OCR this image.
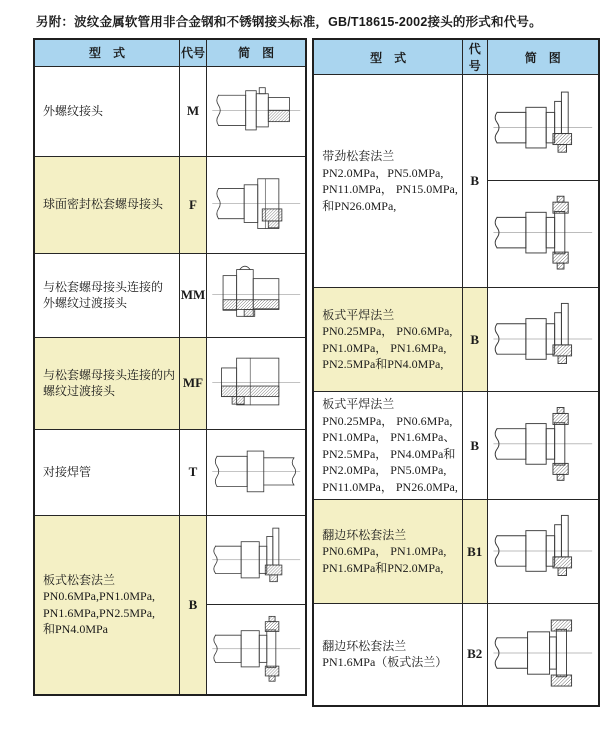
另附：波纹金属软管用非合金钢和不锈钢接头标准，GB/T18615-2002接头的形式和代号。
型　式	代号	简　图

外螺纹接头	M	

球面密封松套螺母接头	F	

与松套螺母接头连接的
外螺纹过渡接头	MM	

与松套螺母接头连接的内
螺纹过渡接头	MF	

对接焊管	T	

板式松套法兰
PN0.6MPa,PN1.0MPa,
PN1.6MPa,PN2.5MPa,
和PN4.0MPa	B	
型　式	代号	简　图

带劲松套法兰
PN2.0MPa，PN5.0MPa,
PN11.0MPa， PN15.0MPa,
和PN26.0MPa,	B	

板式平焊法兰
PN0.25MPa， PN0.6MPa,
PN1.0MPa， PN1.6MPa,
PN2.5MPa和PN4.0MPa,	B	

板式平焊法兰
PN0.25MPa， PN0.6MPa,
PN1.0MPa， PN1.6MPa、
PN2.5MPa， PN4.0MPa和
PN2.0MPa， PN5.0MPa,
PN11.0MPa， PN26.0MPa,
	B	

翻边环松套法兰
PN0.6MPa， PN1.0MPa,
PN1.6MPa和PN2.0MPa,	B1	

翻边环松套法兰
PN1.6MPa（板式法兰）	B2	
